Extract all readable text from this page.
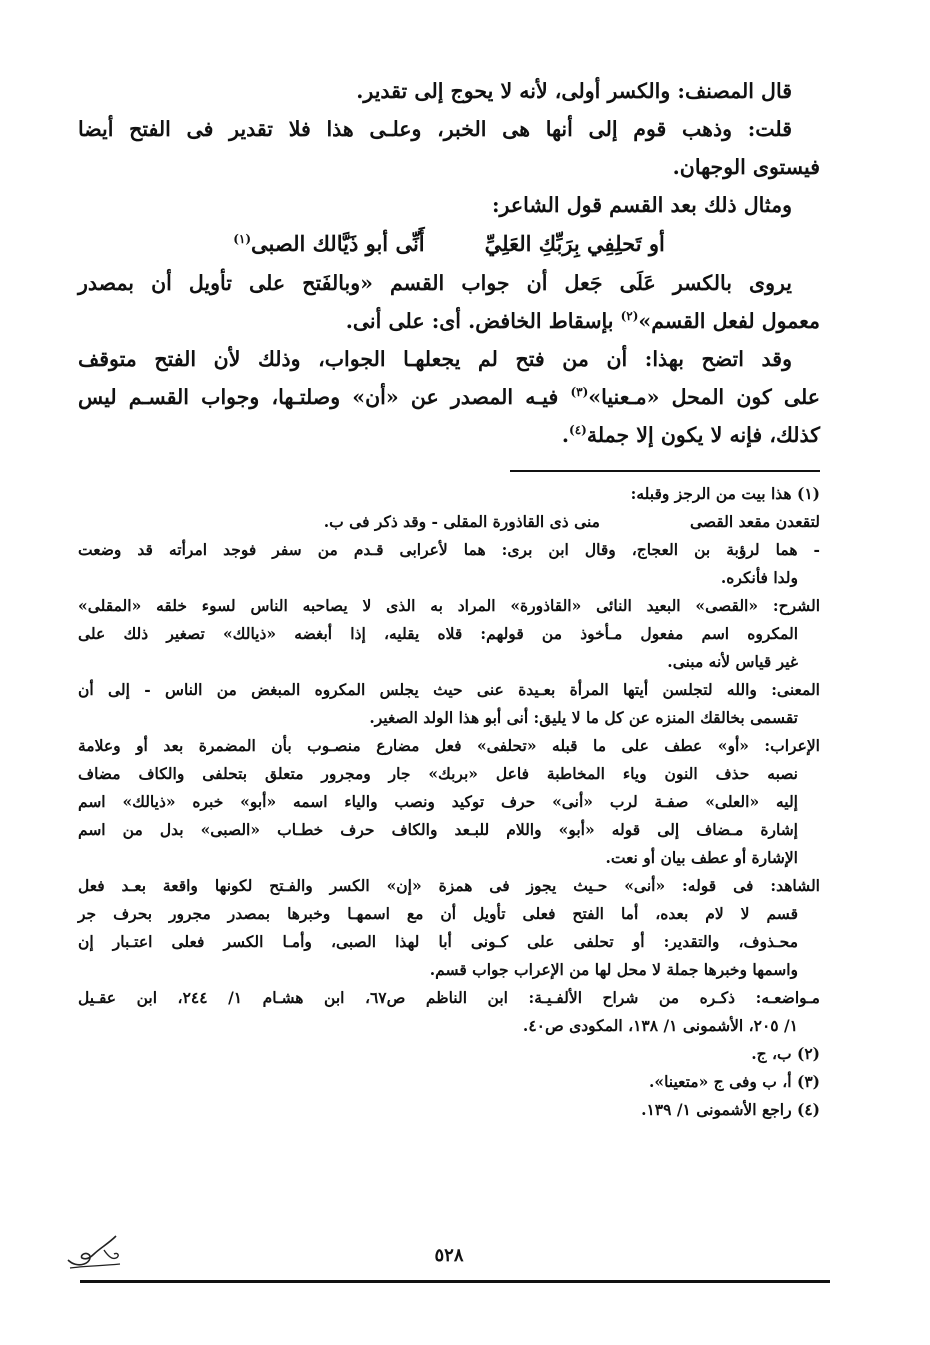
قال المصنف: والكسر أولى، لأنه لا يحوج إلى تقدير.

قلت: وذهب قوم إلى أنها هى الخبر، وعلـى هذا فلا تقدير فى الفتح أيضا

فيستوى الوجهان.

ومثال ذلك بعد القسم قول الشاعر:

أو تَحلِفِي بِرَبِّكِ العَلِيِّ
أَنِّى أبو ذَيَّالك الصبى$^{(١)}$

يروى بالكسر عَلَى جَعل أن جواب القسم «وبالفَتح على تأويل أن بمصدر

معمول لفعل القسم»$^{(٢)}$ بإسقاط الخافض. أى: على أنى.

وقد اتضح بهذا: أن من فتح لم يجعلهـا الجواب، وذلك لأن الفتح متوقف

على كون المحل «مـعنيا»$^{(٣)}$ فيـه المصدر عن «أن» وصلتـها، وجواب القسـم ليس

كذلك، فإنه لا يكون إلا جملة$^{(٤)}$.

(١) هذا بيت من الرجز وقبله:

لتقعدن مقعد القصى
منى ذى القاذورة المقلى - وقد ذكر فى ب.

- هما لرؤبة بن العجاج، وقال ابن برى: هما لأعرابى قـدم من سفر فوجد امرأته قد وضعت

ولدا فأنكره.

الشرح: «القصى» البعيد النائى «القاذورة» المراد به الذى لا يصاحبه الناس لسوء خلقه «المقلى»

المكروه اسم مفعول مـأخوذ من قولهم: قلاه يقليه، إذا أبغضه «ذيالك» تصغير ذلك على

غير قياس لأنه مبنى.

المعنى: والله لتجلسن أيتها المرأة بعـيدة عنى حيث يجلس المكروه المبغض من الناس - إلى أن

تقسمى بخالقك المنزه عن كل ما لا يليق: أنى أبو هذا الولد الصغير.

الإعراب: «أو» عطف على ما قبله «تحلفى» فعل مضارع منصـوب بأن المضمرة بعد أو وعلامة

نصبه حذف النون وياء المخاطبة فاعل «بربك» جار ومجرور متعلق بتحلفى والكاف مضاف

إليه «العلى» صفـة لرب «أنى» حرف توكيد ونصب والياء اسمه «أبو» خبره «ذيالك» اسم

إشارة مـضاف إلى قوله «أبو» واللام للبـعد والكاف حرف خطـاب «الصبى» بدل من اسم

الإشارة أو عطف بيان أو نعت.

الشاهد: فى قوله: «أنى» حـيث يجوز فى همزة «إن» الكسر والفـتح لكونها واقعة بعـد فعل

قسم لا لام بعده، أما الفتح فعلى تأويل أن مع اسمهـا وخبرها بمصدر مجرور بحرف جر

محـذوف، والتقدير: أو تحلفى على كـونى أبا لهذا الصبى، وأمـا الكسر فعلى اعتـبار إن

واسمها وخبرها جملة لا محل لها من الإعراب جواب قسم.

مـواضعـه: ذكـره من شراح الألفـيـة: ابن الناظم ص٦٧، ابن هشـام ١/ ٢٤٤، ابن عقـيل

١/ ٢٠٥، الأشمونى ١/ ١٣٨، المكودى ص٤٠.

(٢) ب، ج.

(٣) أ، ب وفى ج «متعينا».

(٤) راجع الأشمونى ١/ ١٣٩.

٥٢٨
